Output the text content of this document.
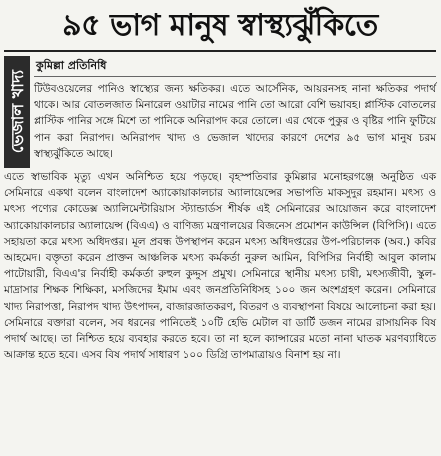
৯৫ ভাগ মানুষ স্বাস্থ্যঝুঁকিতে
ভেজাল খাদ্য
কুমিল্লা প্রতিনিধি

টিউবওয়েলের পানিও স্বাস্থ্যের জন্য ক্ষতিকর। এতে আর্সেনিক, আয়রনসহ নানা ক্ষতিকর পদার্থ থাকে। আর বোতলজাত মিনারেল ওয়াটার নামের পানি তো আরো বেশি ভয়াবহ। প্লাস্টিক বোতলের প্লাস্টিক পানির সঙ্গে মিশে তা পানিকে অনিরাপদ করে তোলে। এর থেকে পুকুর ও বৃষ্টির পানি ফুটিয়ে পান করা নিরাপদ। অনিরাপদ খাদ্য ও ভেজাল খাদ্যের কারণে দেশের ৯৫ ভাগ মানুষ চরম স্বাস্থ্যঝুঁকিতে আছে।

এতে স্বাভাবিক মৃত্যু এখন অনিশ্চিত হয়ে পড়ছে। বৃহস্পতিবার কুমিল্লার মনোহরগঞ্জে অনুষ্ঠিত এক সেমিনারে একথা বলেন বাংলাদেশ অ্যাকোয়াকালচার অ্যালায়েন্সের সভাপতি মাকসুদুর রহমান। মৎস্য ও মৎস্য পণ্যের কোডেক্স অ্যালিমেন্টারিয়াস স্ট্যান্ডার্ডস শীর্ষক এই সেমিনারের আয়োজন করে বাংলাদেশ অ্যাকোয়াকালচার অ্যালায়েন্স (বিএএ) ও বাণিজ্য মন্ত্রণালয়ের বিজনেস প্রমোশন কাউন্সিল (বিপিসি)। এতে সহায়তা করে মৎস্য অধিদপ্তর। মূল প্রবন্ধ উপস্থাপন করেন মৎস্য অধিদপ্তরের উপ-পরিচালক (অব.) কবির আহমেদ। বক্তৃতা করেন প্রাক্তন আঞ্চলিক মৎস্য কর্মকর্তা নুরুল আমিন, বিপিসির নির্বাহী আবুল কালাম পাটোয়ারী, বিএএ'র নির্বাহী কর্মকর্তা রুহুল কুদ্দুস প্রমুখ। সেমিনারে স্থানীয় মৎস্য চাষী, মৎস্যজীবী, স্কুল-মাদ্রাসার শিক্ষক শিক্ষিকা, মসজিদের ইমাম এবং জনপ্রতিনিধিসহ ১০০ জন অংশগ্রহণ করেন। সেমিনারে খাদ্য নিরাপত্তা, নিরাপদ খাদ্য উৎপাদন, বাজারজাতকরণ, বিতরণ ও ব্যবস্থাপনা বিষয়ে আলোচনা করা হয়। সেমিনারে বক্তারা বলেন, সব ধরনের পানিতেই ১০টি হেভি মেটাল বা ডার্টি ডজন নামের রাসায়নিক বিষ পদার্থ আছে। তা নিশ্চিত হয়ে ব্যবহার করতে হবে। তা না হলে ক্যান্সারের মতো নানা ঘাতক মরণব্যাধিতে আক্রান্ত হতে হবে। এসব বিষ পদার্থ সাধারণ ১০০ ডিগ্রি তাপমাত্রায়ও বিনাশ হয় না।
